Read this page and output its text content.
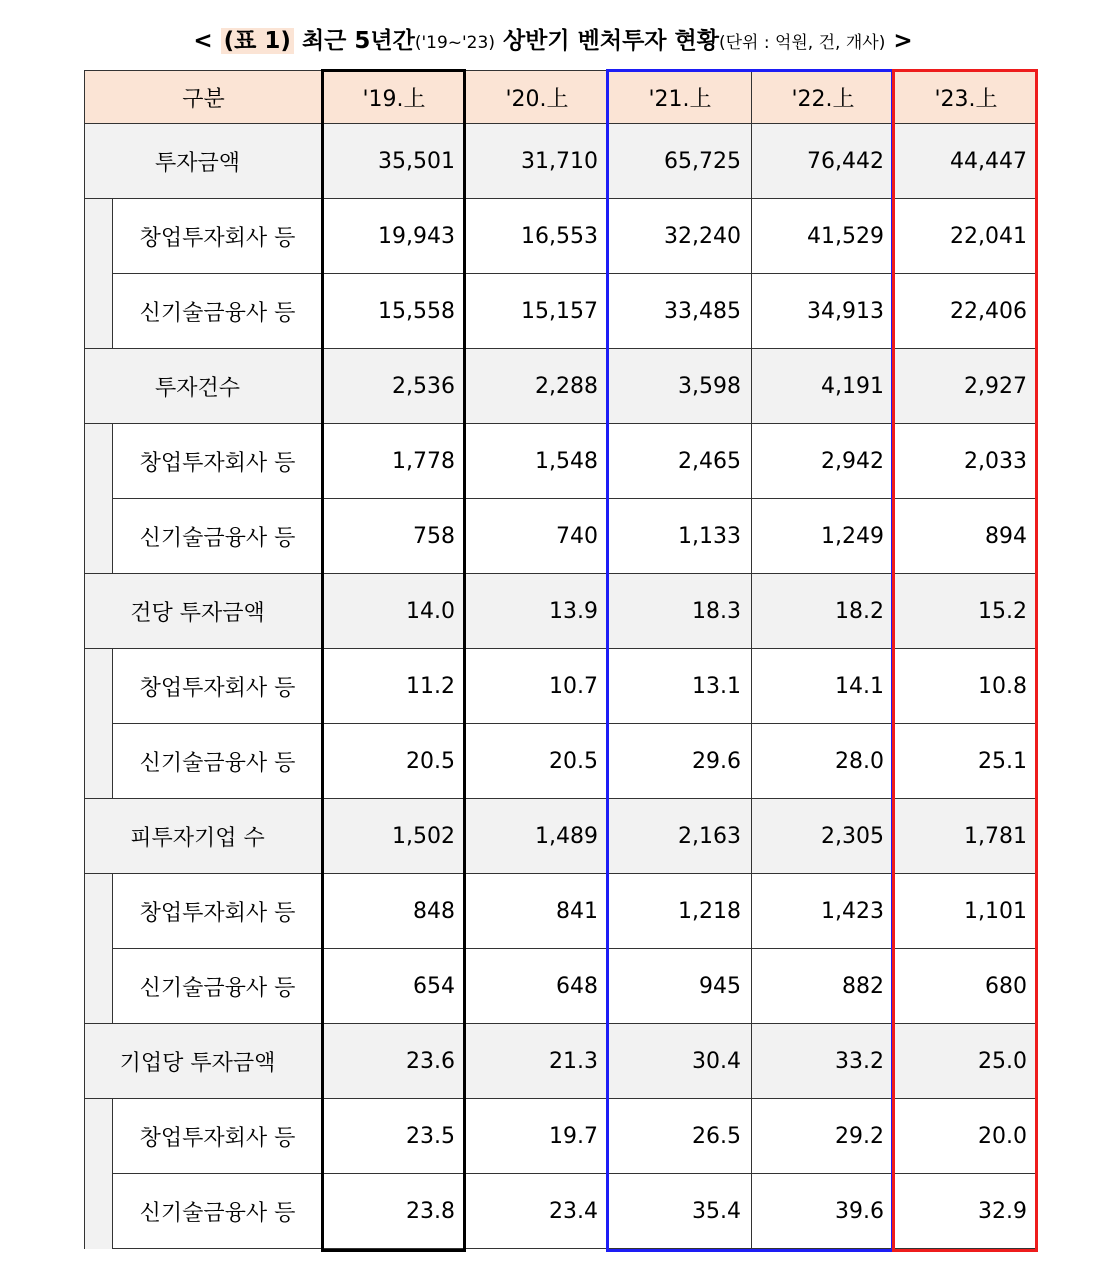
< (표 1) 최근 5년간('19~'23) 상반기 벤처투자 현황(단위 : 억원, 건, 개사) >
구분		'19.上	'20.上	'21.上	'22.上	'23.上
투자금액		35,501	31,710	65,725	76,442	44,447
	창업투자회사 등	19,943	16,553	32,240	41,529	22,041
	신기술금융사 등	15,558	15,157	33,485	34,913	22,406
투자건수		2,536	2,288	3,598	4,191	2,927
	창업투자회사 등	1,778	1,548	2,465	2,942	2,033
	신기술금융사 등	758	740	1,133	1,249	894
건당 투자금액		14.0	13.9	18.3	18.2	15.2
	창업투자회사 등	11.2	10.7	13.1	14.1	10.8
	신기술금융사 등	20.5	20.5	29.6	28.0	25.1
피투자기업 수		1,502	1,489	2,163	2,305	1,781
	창업투자회사 등	848	841	1,218	1,423	1,101
	신기술금융사 등	654	648	945	882	680
기업당 투자금액		23.6	21.3	30.4	33.2	25.0
	창업투자회사 등	23.5	19.7	26.5	29.2	20.0
	신기술금융사 등	23.8	23.4	35.4	39.6	32.9
